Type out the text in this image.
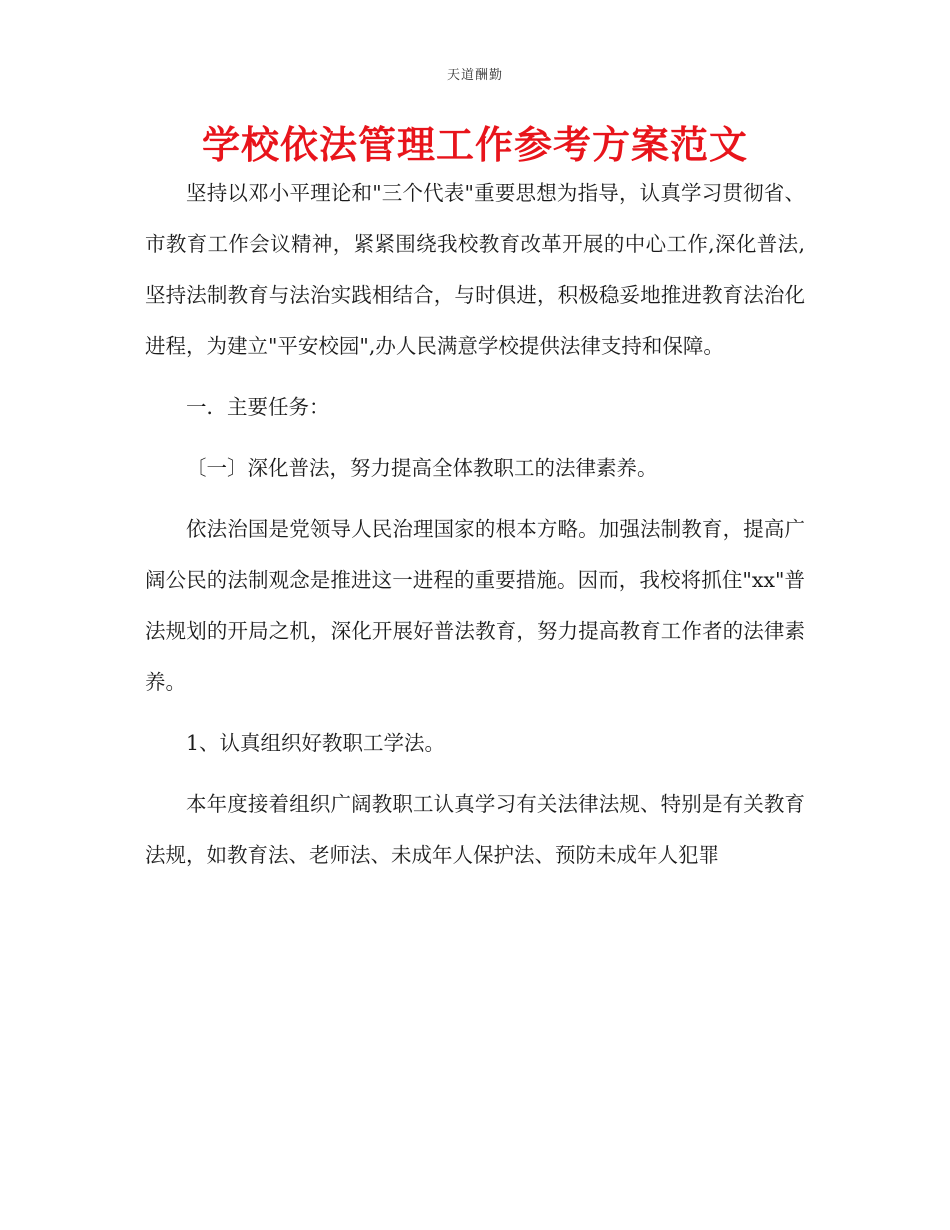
天道酬勤
学校依法管理工作参考方案范文

坚持以邓小平理论和"三个代表"重要思想为指导，认真学习贯彻省、市教育工作会议精神，紧紧围绕我校教育改革开展的中心工作,深化普法,坚持法制教育与法治实践相结合，与时俱进，积极稳妥地推进教育法治化进程，为建立"平安校园",办人民满意学校提供法律支持和保障。

一．主要任务：

〔一〕深化普法，努力提高全体教职工的法律素养。

依法治国是党领导人民治理国家的根本方略。加强法制教育，提高广阔公民的法制观念是推进这一进程的重要措施。因而，我校将抓住"xx"普法规划的开局之机，深化开展好普法教育，努力提高教育工作者的法律素养。

1、认真组织好教职工学法。

本年度接着组织广阔教职工认真学习有关法律法规、特别是有关教育法规，如教育法、老师法、未成年人保护法、预防未成年人犯罪
